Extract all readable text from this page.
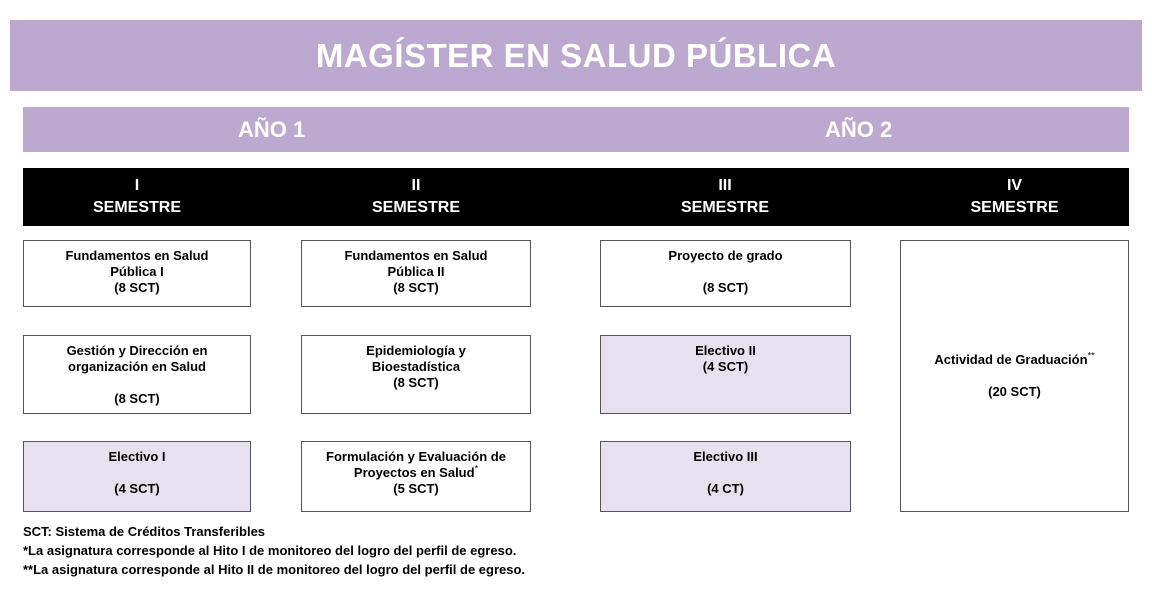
MAGÍSTER EN SALUD PÚBLICA
AÑO 1	AÑO 2
I
SEMESTRE
II
SEMESTRE
III
SEMESTRE
IV
SEMESTRE
Fundamentos en Salud
Pública I
(8 SCT)
Gestión y Dirección en
organización en Salud
(8 SCT)
Electivo I
(4 SCT)
Fundamentos en Salud
Pública II
(8 SCT)
Epidemiología y
Bioestadística
(8 SCT)
Formulación y Evaluación de
Proyectos en Salud*
(5 SCT)
Proyecto de grado
(8 SCT)
Electivo II
(4 SCT)
Electivo III
(4 CT)
Actividad de Graduación**
(20 SCT)
SCT: Sistema de Créditos Transferibles
*La asignatura corresponde al Hito I de monitoreo del logro del perfil de egreso.
**La asignatura corresponde al Hito II de monitoreo del logro del perfil de egreso.
